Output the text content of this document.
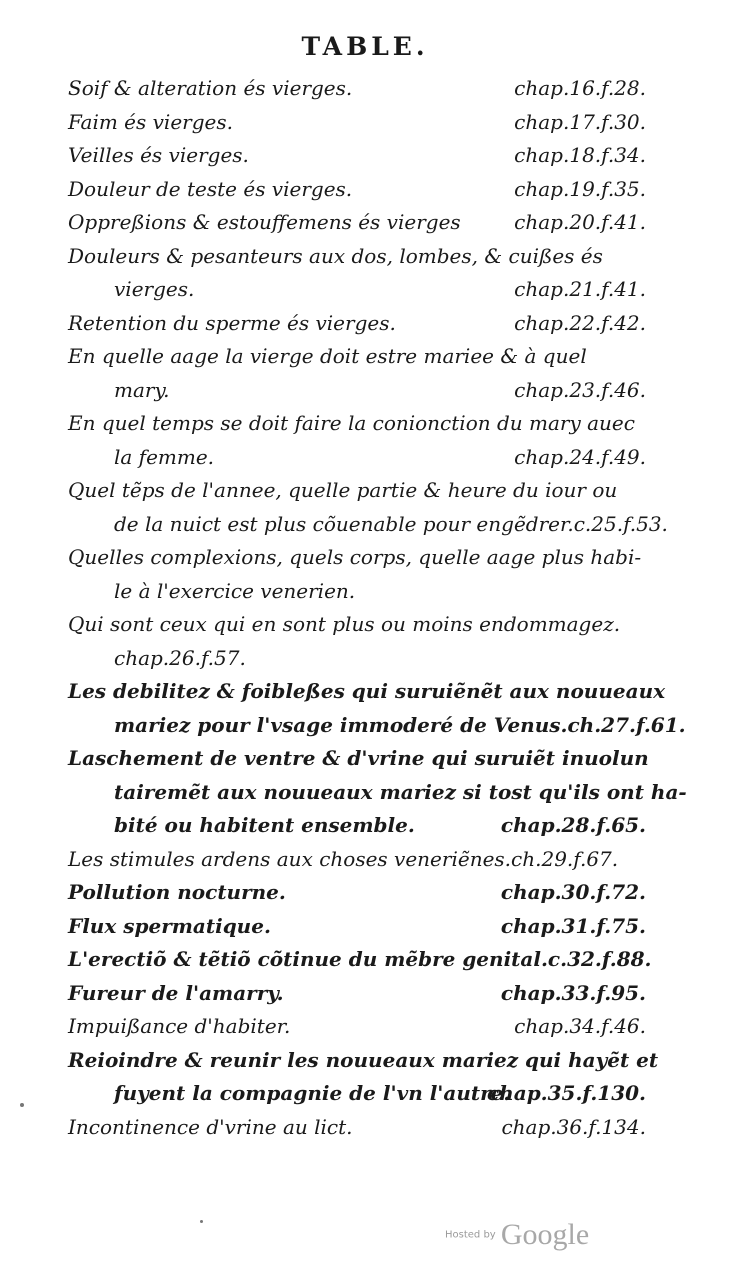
TABLE.
Soif & alteration és vierges.	chap.16.f.28.
Faim és vierges.	chap.17.f.30.
Veilles és vierges.	chap.18.f.34.
Douleur de teste és vierges.	chap.19.f.35.
Oppreßions & estouffemens és vierges	chap.20.f.41.
Douleurs & pesanteurs aux dos, lombes, & cuißes és
vierges.	chap.21.f.41.
Retention du sperme és vierges.	chap.22.f.42.
En quelle aage la vierge doit estre mariee & à quel
mary.	chap.23.f.46.
En quel temps se doit faire la conionction du mary auec
la femme.	chap.24.f.49.
Quel tẽps de l'annee, quelle partie & heure du iour ou
de la nuict est plus cõuenable pour engẽdrer.c.25.f.53.
Quelles complexions, quels corps, quelle aage plus habi-
le à l'exercice venerien.
Qui sont ceux qui en sont plus ou moins endommagez.
chap.26.f.57.
Les debilitez & foibleßes qui suruiẽnẽt aux nouueaux
mariez pour l'vsage immoderé de Venus.ch.27.f.61.
Laschement de ventre & d'vrine qui suruiẽt inuolun
tairemẽt aux nouueaux mariez si tost qu'ils ont ha-
bité ou habitent ensemble.	chap.28.f.65.
Les stimules ardens aux choses veneriẽnes.ch.29.f.67.
Pollution nocturne.	chap.30.f.72.
Flux spermatique.	chap.31.f.75.
L'erectiõ & tẽtiõ cõtinue du mẽbre genital.c.32.f.88.
Fureur de l'amarry.	chap.33.f.95.
Impuißance d'habiter.	chap.34.f.46.
Reioindre & reunir les nouueaux mariez qui hayẽt et
fuyent la compagnie de l'vn l'autre.
chap.35.f.130.
Incontinence d'vrine au lict.	chap.36.f.134.
Hosted by Google
